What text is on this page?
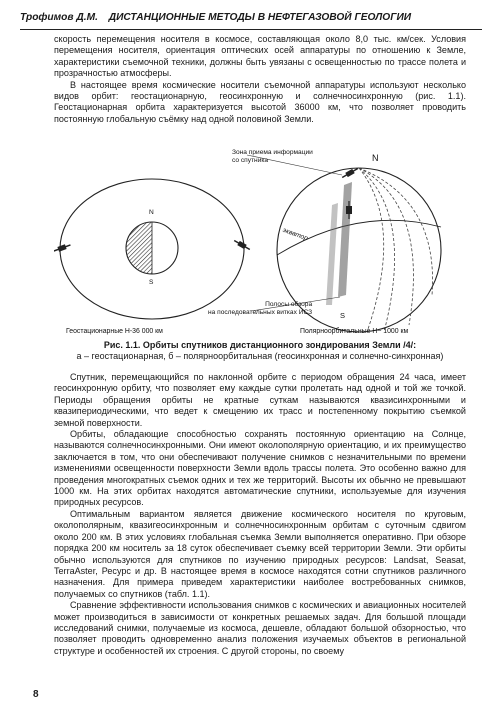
Трофимов Д.М. ДИСТАНЦИОННЫЕ МЕТОДЫ В НЕФТЕГАЗОВОЙ ГЕОЛОГИИ

скорость перемещения носителя в космосе, составляющая около 8,0 тыс. км/сек. Условия перемещения носителя, ориентация оптических осей аппаратуры по отношению к Земле, характеристики съемочной техники, должны быть увязаны с освещенностью по трассе полета и прозрачностью атмосферы.

В настоящее время космические носители съемочной аппаратуры используют несколько видов орбит: геостационарную, геосинхронную и солнечносинхронную (рис. 1.1). Геостационарная орбита характеризуется высотой 36000 км, что позволяет проводить постоянную глобальную съёмку над одной половиной Земли.

N
S
N
S
Зона приема информации
со спутника
экватор
Полосы обзора
на последовательных витках ИСЗ
Геостационарные Н-36 000 км	Полярноорбитальные Н~ 1000 км
Рис. 1.1. Орбиты спутников дистанционного зондирования Земли /4/:
а – геостационарная, б – полярноорбитальная (геосинхронная и солнечно-синхронная)

Спутник, перемещающийся по наклонной орбите с периодом обращения 24 часа, имеет геосинхронную орбиту, что позволяет ему каждые сутки пролетать над одной и той же точкой. Периоды обращения орбиты не кратные суткам называются квазисинхронными и квазипериодическими, что ведет к смещению их трасс и постепенному покрытию съемкой земной поверхности.

Орбиты, обладающие способностью сохранять постоянную ориентацию на Солнце, называются солнечносинхронными. Они имеют околополярную ориентацию, и их преимущество заключается в том, что они обеспечивают получение снимков с незначительными по времени изменениями освещенности поверхности Земли вдоль трассы полета. Это особенно важно для проведения многократных съемок одних и тех же территорий. Высоты их обычно не превышают 1000 км. На этих орбитах находятся автоматические спутники, используемые для изучения природных ресурсов.

Оптимальным вариантом является движение космического носителя по круговым, околополярным, квазигеосинхронным и солнечносинхронным орбитам с суточным сдвигом около 200 км. В этих условиях глобальная съемка Земли выполняется оперативно. При обзоре порядка 200 км носитель за 18 суток обеспечивает съемку всей территории Земли. Эти орбиты обычно используются для спутников по изучению природных ресурсов: Landsat, Seasat, TerraAster, Ресурс и др. В настоящее время в космосе находятся сотни спутников различного назначения. Для примера приведем характеристики наиболее востребованных снимков, получаемых со спутников (табл. 1.1).

Сравнение эффективности использования снимков с космических и авиационных носителей может производиться в зависимости от конкретных решаемых задач. Для большой площади исследований снимки, получаемые из космоса, дешевле, обладают большой обзорностью, что позволяет проводить одновременно анализ положения изучаемых объектов в региональной структуре и особенностей их строения. С другой стороны, по своему

8
